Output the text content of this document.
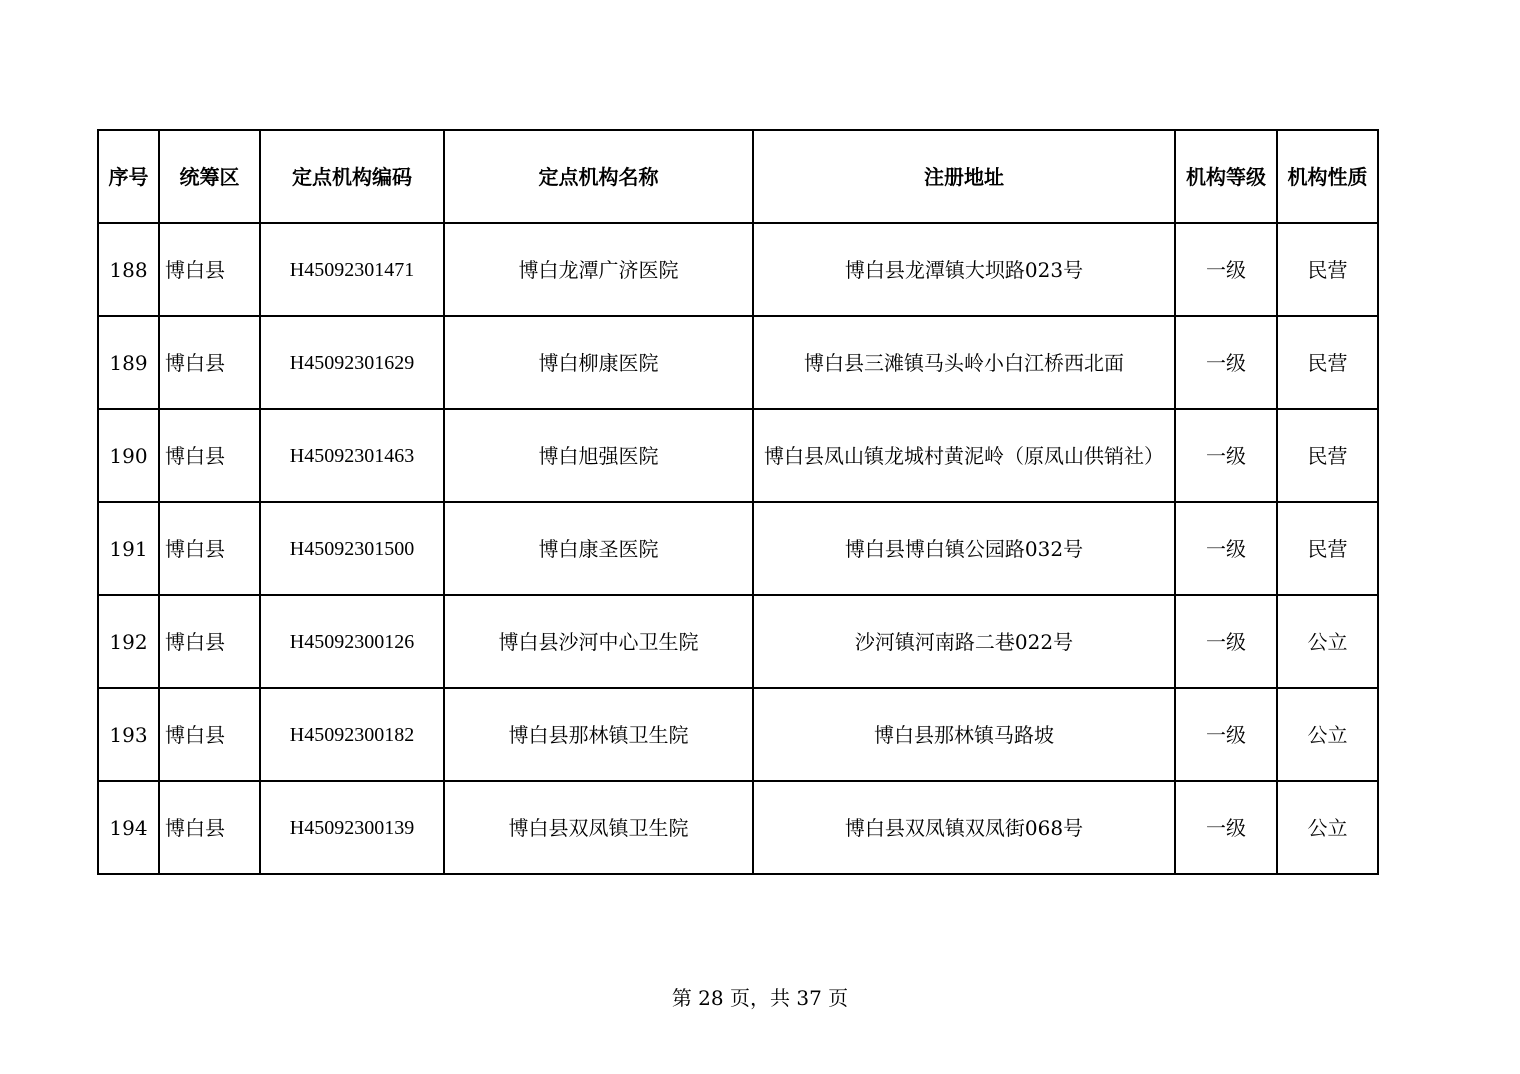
序号	统筹区	定点机构编码	定点机构名称	注册地址	机构等级	机构性质
188	博白县	H45092301471	博白龙潭广济医院	博白县龙潭镇大坝路023号	一级	民营
189	博白县	H45092301629	博白柳康医院	博白县三滩镇马头岭小白江桥西北面	一级	民营
190	博白县	H45092301463	博白旭强医院	博白县凤山镇龙城村黄泥岭（原凤山供销社）	一级	民营
191	博白县	H45092301500	博白康圣医院	博白县博白镇公园路032号	一级	民营
192	博白县	H45092300126	博白县沙河中心卫生院	沙河镇河南路二巷022号	一级	公立
193	博白县	H45092300182	博白县那林镇卫生院	博白县那林镇马路坡	一级	公立
194	博白县	H45092300139	博白县双凤镇卫生院	博白县双凤镇双凤街068号	一级	公立
第 28 页，共 37 页
